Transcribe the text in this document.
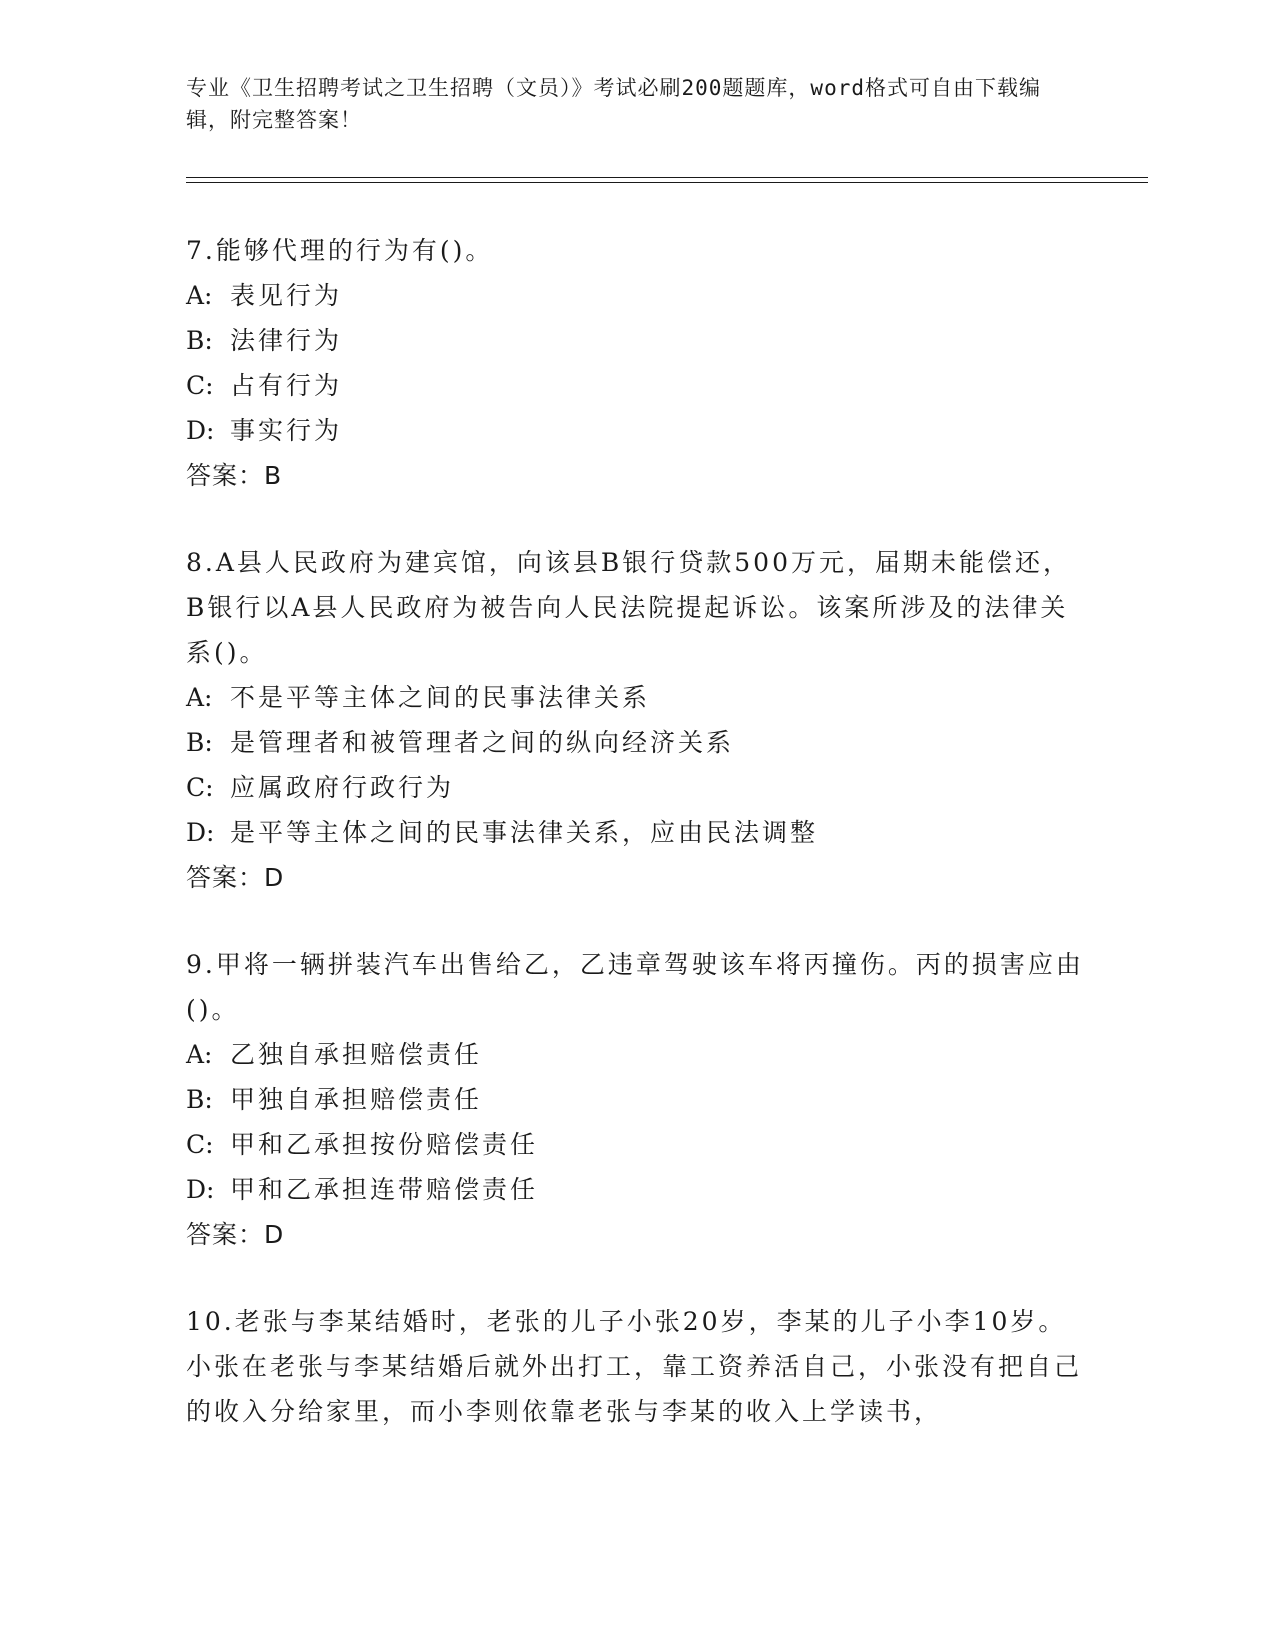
专业《卫生招聘考试之卫生招聘（文员）》考试必刷200题题库，word格式可自由下载编辑，附完整答案！
7.能够代理的行为有()。
A: 表见行为
B: 法律行为
C: 占有行为
D: 事实行为
答案：B
8.A县人民政府为建宾馆，向该县B银行贷款500万元，届期未能偿还，B银行以A县人民政府为被告向人民法院提起诉讼。该案所涉及的法律关系()。
A: 不是平等主体之间的民事法律关系
B: 是管理者和被管理者之间的纵向经济关系
C: 应属政府行政行为
D: 是平等主体之间的民事法律关系，应由民法调整
答案：D
9.甲将一辆拼装汽车出售给乙，乙违章驾驶该车将丙撞伤。丙的损害应由()。
A: 乙独自承担赔偿责任
B: 甲独自承担赔偿责任
C: 甲和乙承担按份赔偿责任
D: 甲和乙承担连带赔偿责任
答案：D
10.老张与李某结婚时，老张的儿子小张20岁，李某的儿子小李10岁。小张在老张与李某结婚后就外出打工，靠工资养活自己，小张没有把自己的收入分给家里，而小李则依靠老张与李某的收入上学读书，
